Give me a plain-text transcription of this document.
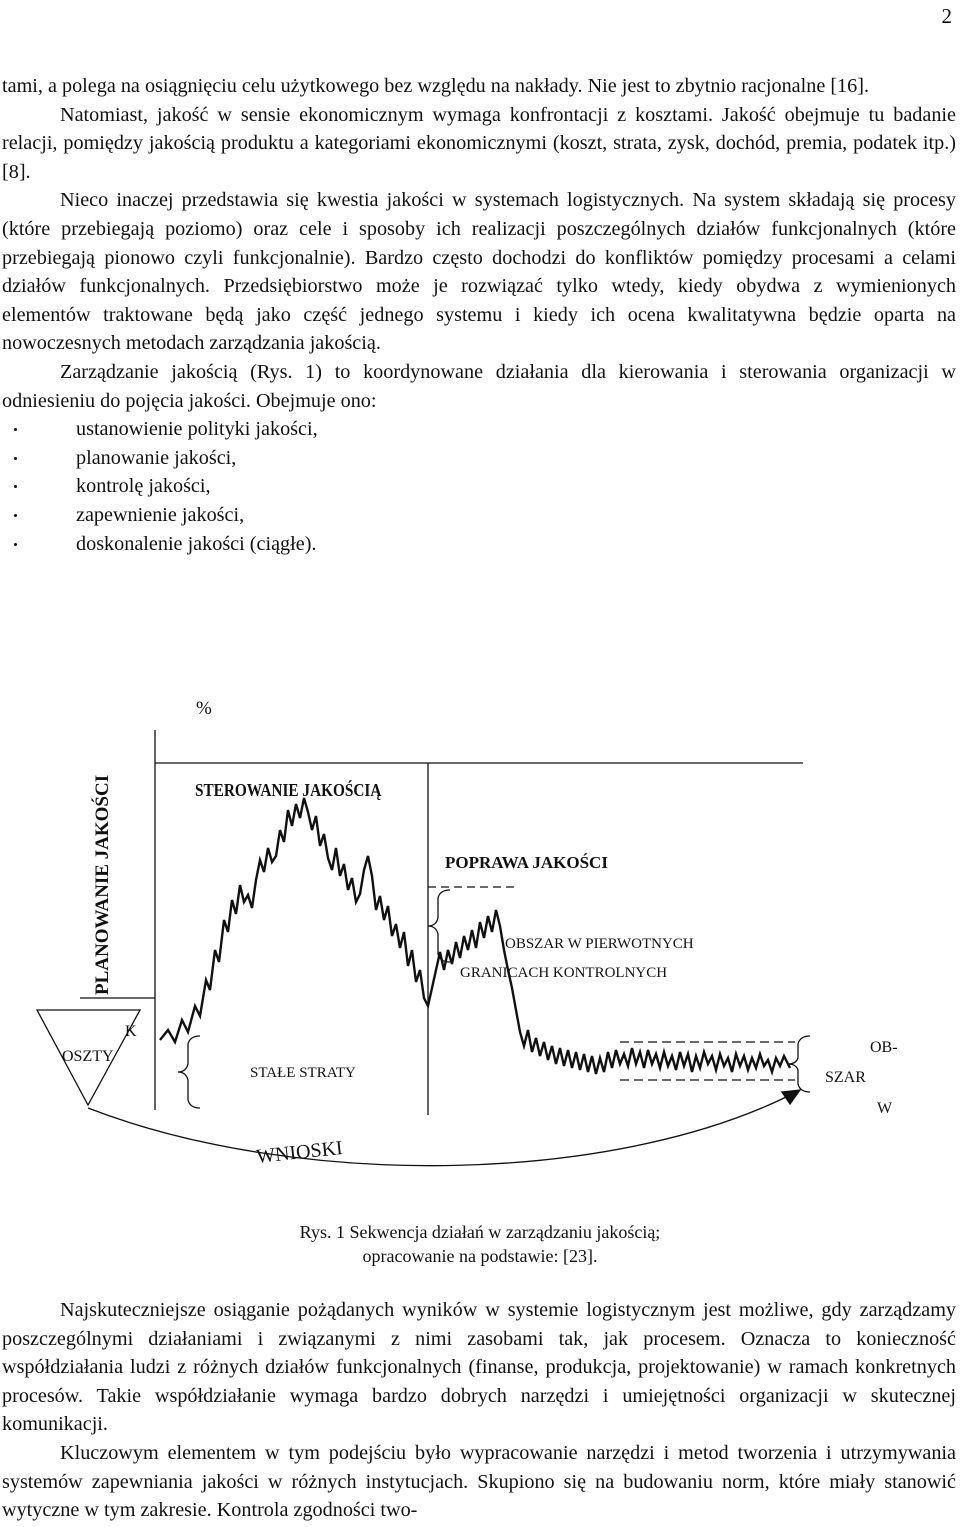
2

tami, a polega na osiągnięciu celu użytkowego bez względu na nakłady. Nie jest to zbytnio racjonalne [16].

Natomiast, jakość w sensie ekonomicznym wymaga konfrontacji z kosztami. Jakość obejmuje tu badanie relacji, pomiędzy jakością produktu a kategoriami ekonomicznymi (koszt, strata, zysk, dochód, premia, podatek itp.) [8].

Nieco inaczej przedstawia się kwestia jakości w systemach logistycznych. Na system składają się procesy (które przebiegają poziomo) oraz cele i sposoby ich realizacji poszczególnych działów funkcjonalnych (które przebiegają pionowo czyli funkcjonalnie). Bardzo często dochodzi do konfliktów pomiędzy procesami a celami działów funkcjonalnych. Przedsiębiorstwo może je rozwiązać tylko wtedy, kiedy obydwa z wymienionych elementów traktowane będą jako część jednego systemu i kiedy ich ocena kwalitatywna będzie oparta na nowoczesnych metodach zarządzania jakością.

Zarządzanie jakością (Rys. 1) to koordynowane działania dla kierowania i sterowania organizacji w odniesieniu do pojęcia jakości. Obejmuje ono:

ustanowienie polityki jakości,
planowanie jakości,
kontrolę jakości,
zapewnienie jakości,
doskonalenie jakości (ciągłe).
%
STEROWANIE JAKOŚCIĄ
PLANOWANIE JAKOŚCI	POPRAWA JAKOŚCI
OBSZAR W PIERWOTNYCH
GRANICACH KONTROLNYCH
K
OSZTY
STAŁE STRATY
OB-
SZAR
W
WNIOSKI

Rys. 1 Sekwencja działań w zarządzaniu jakością;

opracowanie na podstawie: [23].

Najskuteczniejsze osiąganie pożądanych wyników w systemie logistycznym jest możliwe, gdy zarządzamy poszczególnymi działaniami i związanymi z nimi zasobami tak, jak procesem. Oznacza to konieczność współdziałania ludzi z różnych działów funkcjonalnych (finanse, produkcja, projektowanie) w ramach konkretnych procesów. Takie współdziałanie wymaga bardzo dobrych narzędzi i umiejętności organizacji w skutecznej komunikacji.

Kluczowym elementem w tym podejściu było wypracowanie narzędzi i metod tworzenia i utrzymywania systemów zapewniania jakości w różnych instytucjach. Skupiono się na budowaniu norm, które miały stanowić wytyczne w tym zakresie. Kontrola zgodności two-
